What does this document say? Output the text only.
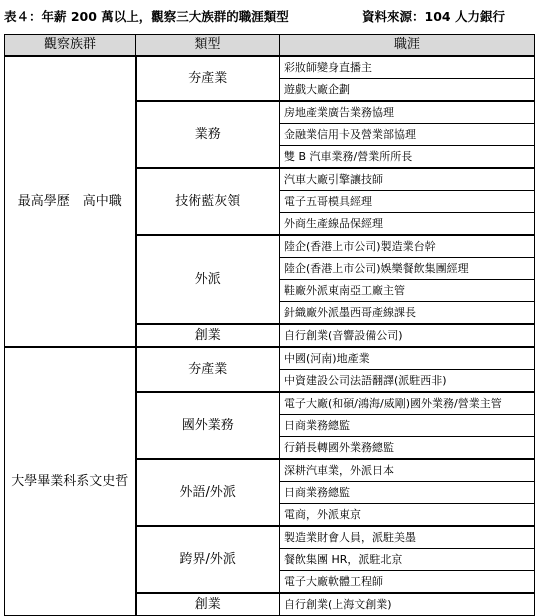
表４：年薪 200 萬以上，觀察三大族群的職涯類型	資料來源：104 人力銀行
觀察族群	類型	職涯
最高學歷　高中職	夯產業	彩妝師變身直播主
		遊戲大廠企劃
	業務	房地產業廣告業務協理
		金融業信用卡及營業部協理
		雙 B 汽車業務/營業所所長
	技術藍灰領	汽車大廠引擎讓技師
		電子五哥模具經理
		外商生產線品保經理
	外派	陸企(香港上市公司)製造業台幹
		陸企(香港上市公司)娛樂餐飲集團經理
		鞋廠外派東南亞工廠主管
		針織廠外派墨西哥產線課長
	創業	自行創業(音響設備公司)
大學畢業科系文史哲	夯產業	中國(河南)地產業
		中資建設公司法語翻譯(派駐西非)
	國外業務	電子大廠(和碩/鴻海/威剛)國外業務/營業主管
		日商業務總監
		行銷長轉國外業務總監
	外語/外派	深耕汽車業，外派日本
		日商業務總監
		電商，外派東京
	跨界/外派	製造業財會人員，派駐美墨
		餐飲集團 HR，派駐北京
		電子大廠軟體工程師
	創業	自行創業(上海文創業)
